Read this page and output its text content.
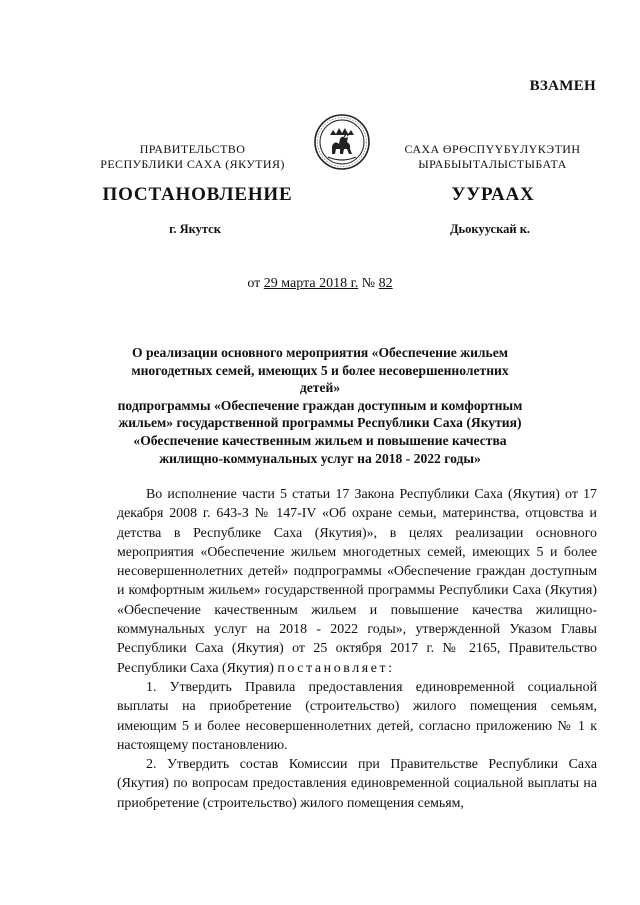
ВЗАМЕН
ПРАВИТЕЛЬСТВО
РЕСПУБЛИКИ САХА (ЯКУТИЯ)
САХА ӨРӨСПҮҮБҮЛҮКЭТИН
ЫРАБЫЫТАЛЫСТЫБАТА
ПОСТАНОВЛЕНИЕ	УУРААХ
г. Якутск	Дьокуускай к.
от 29 марта 2018 г. № 82
О реализации основного мероприятия «Обеспечение жильем
многодетных семей, имеющих 5 и более несовершеннолетних детей»
подпрограммы «Обеспечение граждан доступным и комфортным
жильем» государственной программы Республики Саха (Якутия)
«Обеспечение качественным жильем и повышение качества
жилищно-коммунальных услуг на 2018 - 2022 годы»

Во исполнение части 5 статьи 17 Закона Республики Саха (Якутия) от 17 декабря 2008 г. 643-З № 147-IV «Об охране семьи, материнства, отцовства и детства в Республике Саха (Якутия)», в целях реализации основного мероприятия «Обеспечение жильем многодетных семей, имеющих 5 и более несовершеннолетних детей» подпрограммы «Обеспечение граждан доступным и комфортным жильем» государственной программы Республики Саха (Якутия) «Обеспечение качественным жильем и повышение качества жилищно-коммунальных услуг на 2018 - 2022 годы», утвержденной Указом Главы Республики Саха (Якутия) от 25 октября 2017 г. № 2165, Правительство Республики Саха (Якутия) постановляет:

1. Утвердить Правила предоставления единовременной социальной выплаты на приобретение (строительство) жилого помещения семьям, имеющим 5 и более несовершеннолетних детей, согласно приложению № 1 к настоящему постановлению.

2. Утвердить состав Комиссии при Правительстве Республики Саха (Якутия) по вопросам предоставления единовременной социальной выплаты на приобретение (строительство) жилого помещения семьям,
